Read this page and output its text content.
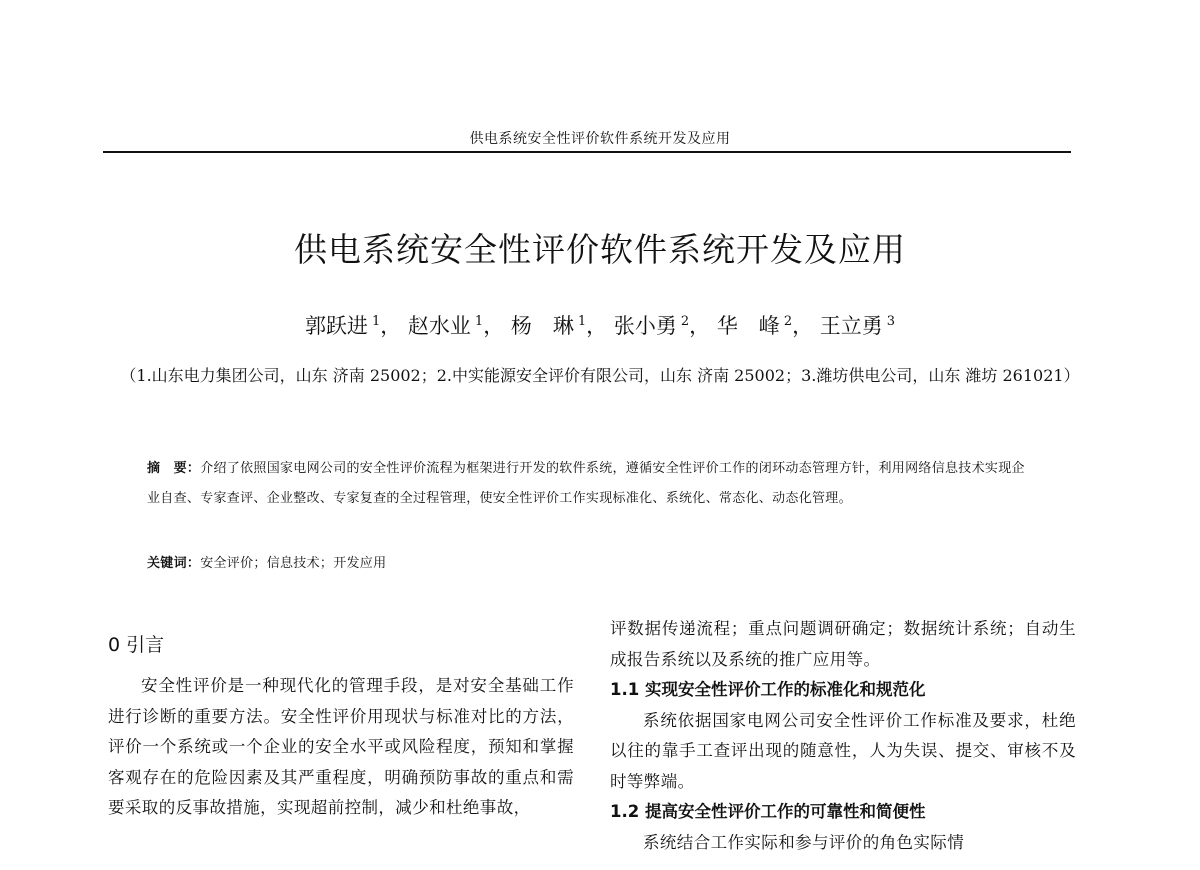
供电系统安全性评价软件系统开发及应用
供电系统安全性评价软件系统开发及应用
郭跃进 $^1$， 赵水业 $^1$， 杨　琳 $^1$， 张小勇 $^2$， 华　峰 $^2$， 王立勇 $^3$
（1.山东电力集团公司，山东 济南 25002；2.中实能源安全评价有限公司，山东 济南 25002；3.潍坊供电公司，山东 潍坊 261021）
摘　要：介绍了依照国家电网公司的安全性评价流程为框架进行开发的软件系统，遵循安全性评价工作的闭环动态管理方针，利用网络信息技术实现企业自查、专家查评、企业整改、专家复查的全过程管理，使安全性评价工作实现标准化、系统化、常态化、动态化管理。
关键词：安全评价；信息技术；开发应用
0 引言

安全性评价是一种现代化的管理手段，是对安全基础工作进行诊断的重要方法。安全性评价用现状与标准对比的方法，评价一个系统或一个企业的安全水平或风险程度，预知和掌握客观存在的危险因素及其严重程度，明确预防事故的重点和需要采取的反事故措施，实现超前控制，减少和杜绝事故，

评数据传递流程；重点问题调研确定；数据统计系统；自动生成报告系统以及系统的推广应用等。

1.1 实现安全性评价工作的标准化和规范化

系统依据国家电网公司安全性评价工作标准及要求，杜绝以往的靠手工查评出现的随意性，人为失误、提交、审核不及时等弊端。

1.2 提高安全性评价工作的可靠性和简便性

系统结合工作实际和参与评价的角色实际情
